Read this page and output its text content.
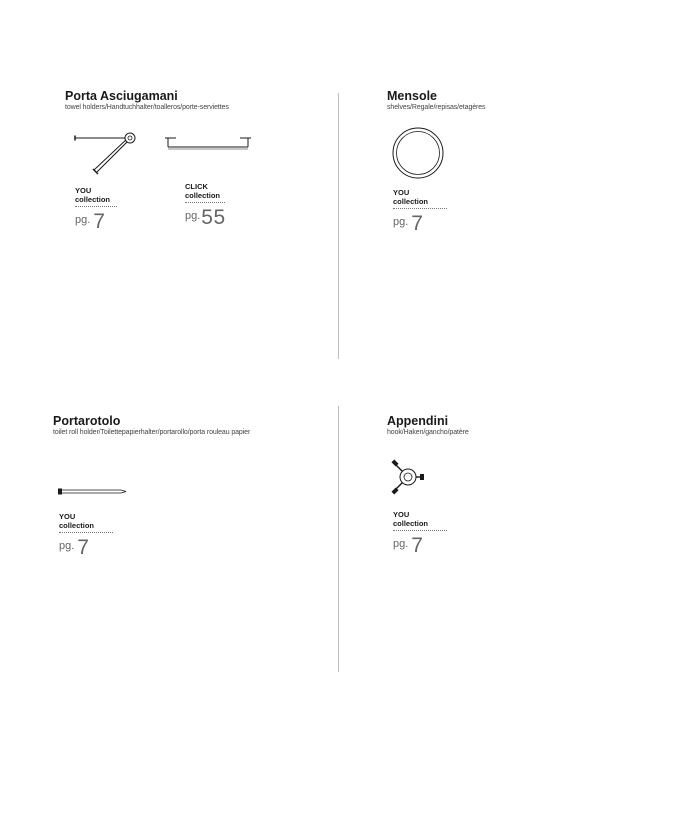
Porta Asciugamani
towel holders/Handtuchhalter/toalleros/porte-serviettes
YOU
collection
$^{pg.}$ 7
CLICK
collection
$^{pg.}$55
Mensole
shelves/Regale/repisas/etagères
YOU
collection
$^{pg.}$ 7
Portarotolo
toilet roll holder/Toilettepapierhalter/portarollo/porta rouleau papier
YOU
collection
$^{pg.}$ 7
Appendini
hook/Haken/gancho/patère
YOU
collection
$^{pg.}$ 7
